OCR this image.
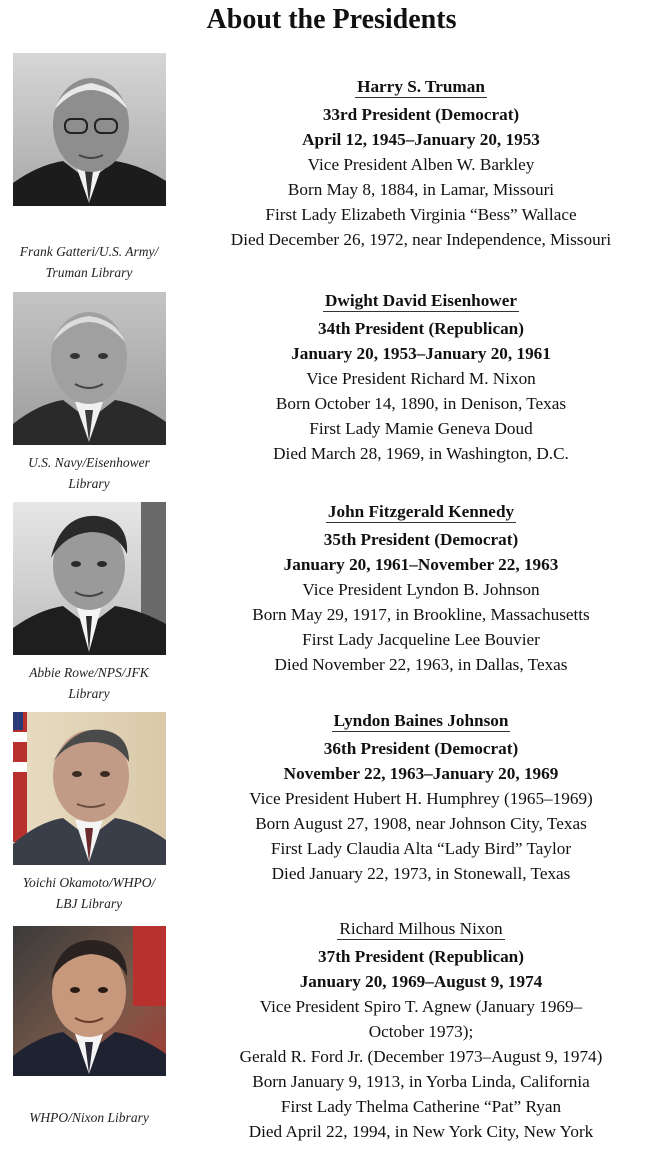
About the Presidents
Frank Gatteri/U.S. Army/
Truman Library
Harry S. Truman
33rd President (Democrat)
April 12, 1945–January 20, 1953
Vice President Alben W. Barkley
Born May 8, 1884, in Lamar, Missouri
First Lady Elizabeth Virginia “Bess” Wallace
Died December 26, 1972, near Independence, Missouri
U.S. Navy/Eisenhower
Library
Dwight David Eisenhower
34th President (Republican)
January 20, 1953–January 20, 1961
Vice President Richard M. Nixon
Born October 14, 1890, in Denison, Texas
First Lady Mamie Geneva Doud
Died March 28, 1969, in Washington, D.C.
Abbie Rowe/NPS/JFK
Library
John Fitzgerald Kennedy
35th President (Democrat)
January 20, 1961–November 22, 1963
Vice President Lyndon B. Johnson
Born May 29, 1917, in Brookline, Massachusetts
First Lady Jacqueline Lee Bouvier
Died November 22, 1963, in Dallas, Texas
Yoichi Okamoto/WHPO/
LBJ Library
Lyndon Baines Johnson
36th President (Democrat)
November 22, 1963–January 20, 1969
Vice President Hubert H. Humphrey (1965–1969)
Born August 27, 1908, near Johnson City, Texas
First Lady Claudia Alta “Lady Bird” Taylor
Died January 22, 1973, in Stonewall, Texas
WHPO/Nixon Library
Richard Milhous Nixon
37th President (Republican)
January 20, 1969–August 9, 1974
Vice President Spiro T. Agnew (January 1969–
October 1973);
Gerald R. Ford Jr. (December 1973–August 9, 1974)
Born January 9, 1913, in Yorba Linda, California
First Lady Thelma Catherine “Pat” Ryan
Died April 22, 1994, in New York City, New York
